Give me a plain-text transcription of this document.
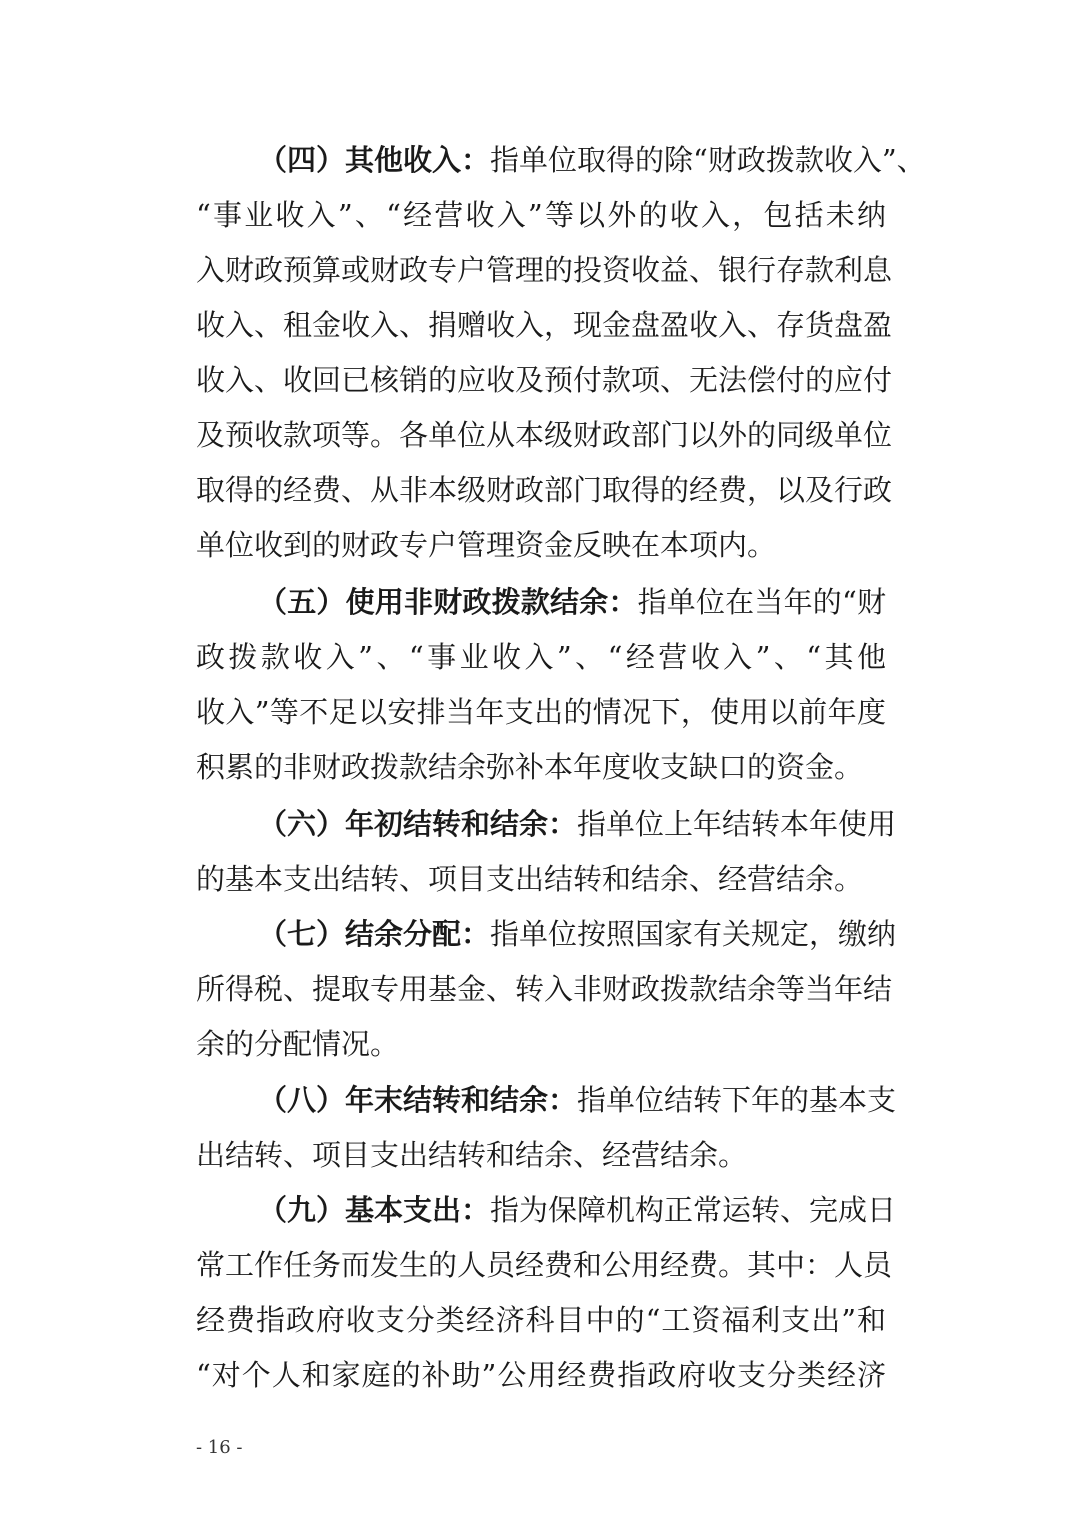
（四）其他收入：指单位取得的除“财政拨款收入”、
“事业收入”、“经营收入”等以外的收入，包括未纳
入财政预算或财政专户管理的投资收益、银行存款利息
收入、租金收入、捐赠收入，现金盘盈收入、存货盘盈
收入、收回已核销的应收及预付款项、无法偿付的应付
及预收款项等。各单位从本级财政部门以外的同级单位
取得的经费、从非本级财政部门取得的经费，以及行政
单位收到的财政专户管理资金反映在本项内。
（五）使用非财政拨款结余：指单位在当年的“财
政拨款收入”、“事业收入”、“经营收入”、“其他
收入”等不足以安排当年支出的情况下，使用以前年度
积累的非财政拨款结余弥补本年度收支缺口的资金。
（六）年初结转和结余：指单位上年结转本年使用
的基本支出结转、项目支出结转和结余、经营结余。
（七）结余分配：指单位按照国家有关规定，缴纳
所得税、提取专用基金、转入非财政拨款结余等当年结
余的分配情况。
（八）年末结转和结余：指单位结转下年的基本支
出结转、项目支出结转和结余、经营结余。
（九）基本支出：指为保障机构正常运转、完成日
常工作任务而发生的人员经费和公用经费。其中：人员
经费指政府收支分类经济科目中的“工资福利支出”和
“对个人和家庭的补助”公用经费指政府收支分类经济
- 16 -
